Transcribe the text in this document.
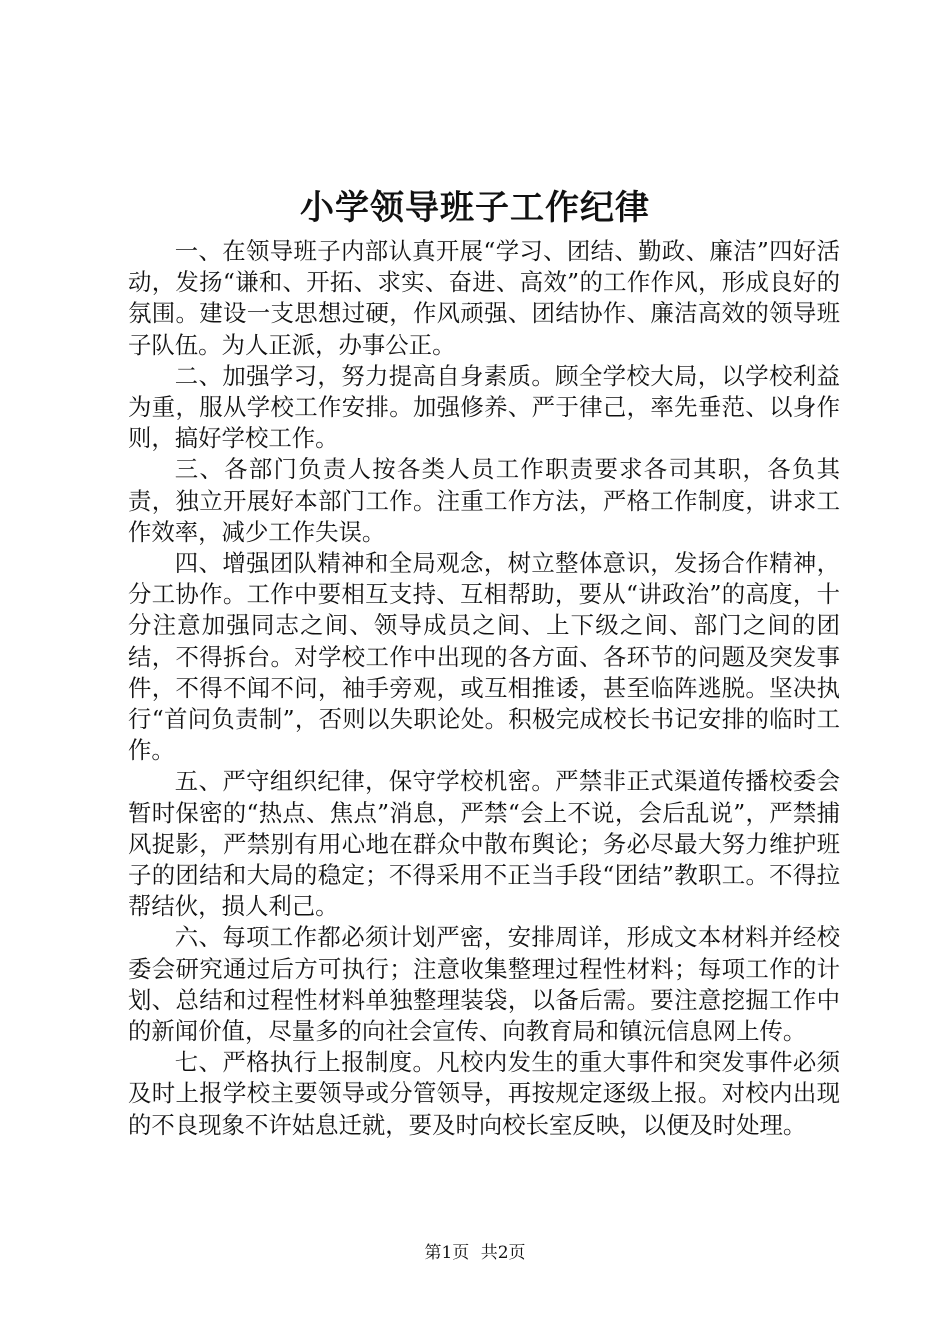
小学领导班子工作纪律

一、在领导班子内部认真开展“学习、团结、勤政、廉洁”四好活动，发扬“谦和、开拓、求实、奋进、高效”的工作作风，形成良好的氛围。建设一支思想过硬，作风顽强、团结协作、廉洁高效的领导班子队伍。为人正派，办事公正。

二、加强学习，努力提高自身素质。顾全学校大局，以学校利益为重，服从学校工作安排。加强修养、严于律己，率先垂范、以身作则，搞好学校工作。

三、各部门负责人按各类人员工作职责要求各司其职，各负其责，独立开展好本部门工作。注重工作方法，严格工作制度，讲求工作效率，减少工作失误。

四、增强团队精神和全局观念，树立整体意识，发扬合作精神，分工协作。工作中要相互支持、互相帮助，要从“讲政治”的高度，十分注意加强同志之间、领导成员之间、上下级之间、部门之间的团结，不得拆台。对学校工作中出现的各方面、各环节的问题及突发事件，不得不闻不问，袖手旁观，或互相推诿，甚至临阵逃脱。坚决执行“首问负责制”，否则以失职论处。积极完成校长书记安排的临时工作。

五、严守组织纪律，保守学校机密。严禁非正式渠道传播校委会暂时保密的“热点、焦点”消息，严禁“会上不说，会后乱说”，严禁捕风捉影，严禁别有用心地在群众中散布舆论；务必尽最大努力维护班子的团结和大局的稳定；不得采用不正当手段“团结”教职工。不得拉帮结伙，损人利己。

六、每项工作都必须计划严密，安排周详，形成文本材料并经校委会研究通过后方可执行；注意收集整理过程性材料；每项工作的计划、总结和过程性材料单独整理装袋，以备后需。要注意挖掘工作中的新闻价值，尽量多的向社会宣传、向教育局和镇沅信息网上传。

七、严格执行上报制度。凡校内发生的重大事件和突发事件必须及时上报学校主要领导或分管领导，再按规定逐级上报。对校内出现的不良现象不许姑息迁就，要及时向校长室反映，以便及时处理。

第1页 共2页
